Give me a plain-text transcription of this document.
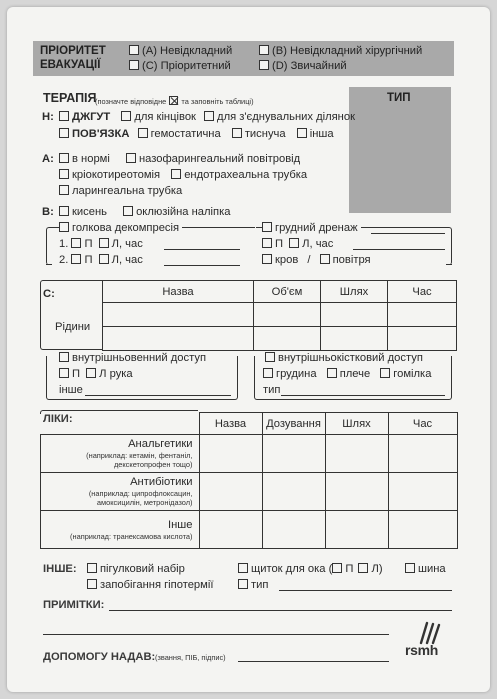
ПРІОРИТЕТ
ЕВАКУАЦІЇ
(A) Невідкладний	(B) Невідкладний хірургічний
(C) Пріоритетний	(D) Звичайний
ТЕРАПІЯ
(позначте відповідне та заповніть таблиці)	ТИП
H:	ДЖГУТ для кінцівок для з'єднувальних ділянок
ПОВ'ЯЗКА гемостатична тиснуча інша
A:	в нормі	назофарингеальний повітровід
кріокотиреотомія ендотрахеальна трубка
ларингеальна трубка
B:	кисень	оклюзійна наліпка
голкова декомпресія
1. П Л, час
2. П Л, час
грудний дренаж
П Л, час
кров / повітря
C:	Назва	Об'єм	Шлях	Час

Рідини
внутрішньовенний доступ
П Л рука
інше
внутрішньокістковий доступ
грудина плече гомілка
тип
ЛІКИ:
		Назва	Дозування	Шлях	Час

Анальгетики
(наприклад: кетамін, фентаніл,
декскетопрофен тощо)				

Антибіотики
(наприклад: ципрофлоксацин,
амоксицилін, метронідазол)				

Інше
(наприклад: транексамова кислота)				

ІНШЕ:	пігулковий набір	щиток для ока ( П Л)	шина
запобігання гіпотермії	тип
ПРИМІТКИ:
rsmh
ДОПОМОГУ НАДАВ: (звання, ПІБ, підпис)
